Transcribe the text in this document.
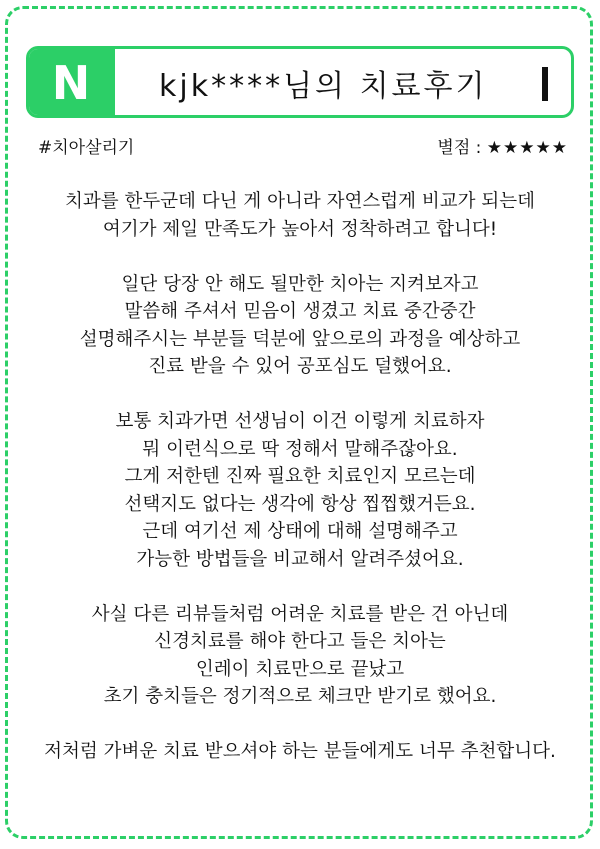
N kjk****님의 치료후기
#치아살리기	별점 : ★★★★★

치과를 한두군데 다닌 게 아니라 자연스럽게 비교가 되는데
여기가 제일 만족도가 높아서 정착하려고 합니다!

일단 당장 안 해도 될만한 치아는 지켜보자고
말씀해 주셔서 믿음이 생겼고 치료 중간중간
설명해주시는 부분들 덕분에 앞으로의 과정을 예상하고
진료 받을 수 있어 공포심도 덜했어요.

보통 치과가면 선생님이 이건 이렇게 치료하자
뭐 이런식으로 딱 정해서 말해주잖아요.
그게 저한텐 진짜 필요한 치료인지 모르는데
선택지도 없다는 생각에 항상 찝찝했거든요.
근데 여기선 제 상태에 대해 설명해주고
가능한 방법들을 비교해서 알려주셨어요.

사실 다른 리뷰들처럼 어려운 치료를 받은 건 아닌데
신경치료를 해야 한다고 들은 치아는
인레이 치료만으로 끝났고
초기 충치들은 정기적으로 체크만 받기로 했어요.

저처럼 가벼운 치료 받으셔야 하는 분들에게도 너무 추천합니다.
